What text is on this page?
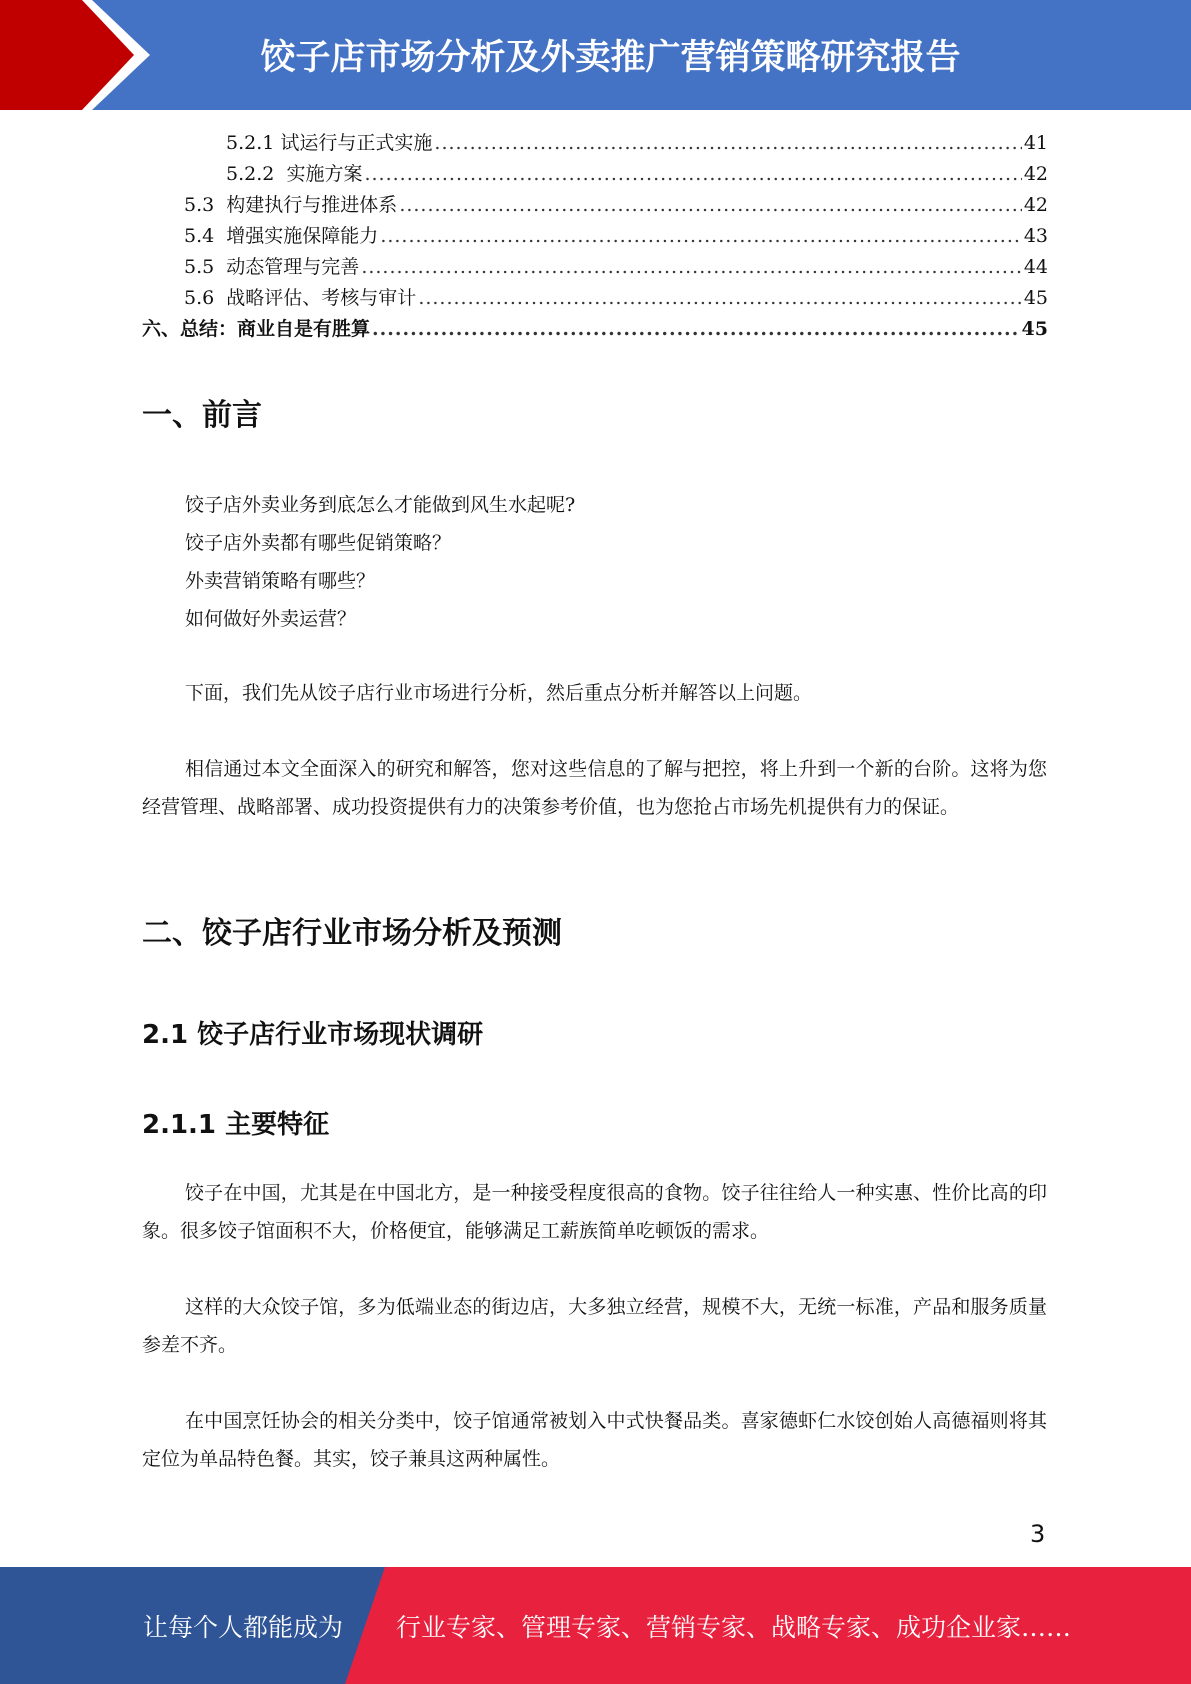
饺子店市场分析及外卖推广营销策略研究报告
5.2.1 试运行与正式实施 .....	41
5.2.2 实施方案 .....	42
5.3 构建执行与推进体系 .....	42
5.4 增强实施保障能力 .....	43
5.5 动态管理与完善 .....	44
5.6 战略评估、考核与审计 .....	45
六、 总结：商业自是有胜算 .....	45
一、前言

饺子店外卖业务到底怎么才能做到风生水起呢?

饺子店外卖都有哪些促销策略？

外卖营销策略有哪些？

如何做好外卖运营？

下面，我们先从饺子店行业市场进行分析，然后重点分析并解答以上问题。

相信通过本文全面深入的研究和解答，您对这些信息的了解与把控，将上升到一个新的台阶。这将为您经营管理、战略部署、成功投资提供有力的决策参考价值，也为您抢占市场先机提供有力的保证。

二、饺子店行业市场分析及预测
2.1 饺子店行业市场现状调研
2.1.1 主要特征

饺子在中国，尤其是在中国北方，是一种接受程度很高的食物。饺子往往给人一种实惠、性价比高的印象。很多饺子馆面积不大，价格便宜，能够满足工薪族简单吃顿饭的需求。

这样的大众饺子馆，多为低端业态的街边店，大多独立经营，规模不大，无统一标准，产品和服务质量参差不齐。

在中国烹饪协会的相关分类中，饺子馆通常被划入中式快餐品类。喜家德虾仁水饺创始人高德福则将其定位为单品特色餐。其实，饺子兼具这两种属性。

3
让每个人都能成为 行业专家、管理专家、营销专家、战略专家、成功企业家……
